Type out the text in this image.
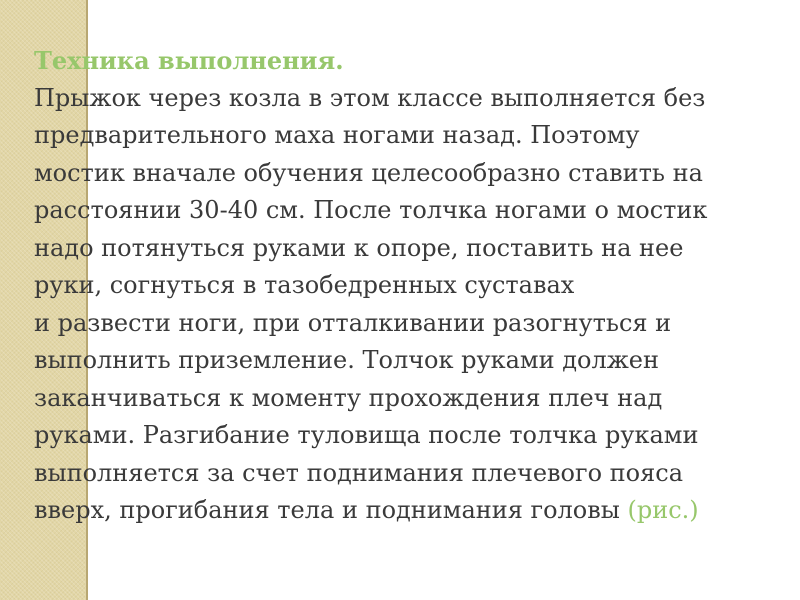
Техника выполнения.
Прыжок через козла в этом классе выполняется без
предварительного маха ногами назад. Поэтому
мостик вначале обучения целесообразно ставить на
расстоянии 30-40 см. После толчка ногами о мостик
надо потянуться руками к опоре, поставить на нее
руки, согнуться в тазобедренных суставах
и развести ноги, при отталкивании разогнуться и
выполнить приземление. Толчок руками должен
заканчиваться к моменту прохождения плеч над
руками. Разгибание туловища после толчка руками
выполняется за счет поднимания плечевого пояса
вверх, прогибания тела и поднимания головы (рис.)
